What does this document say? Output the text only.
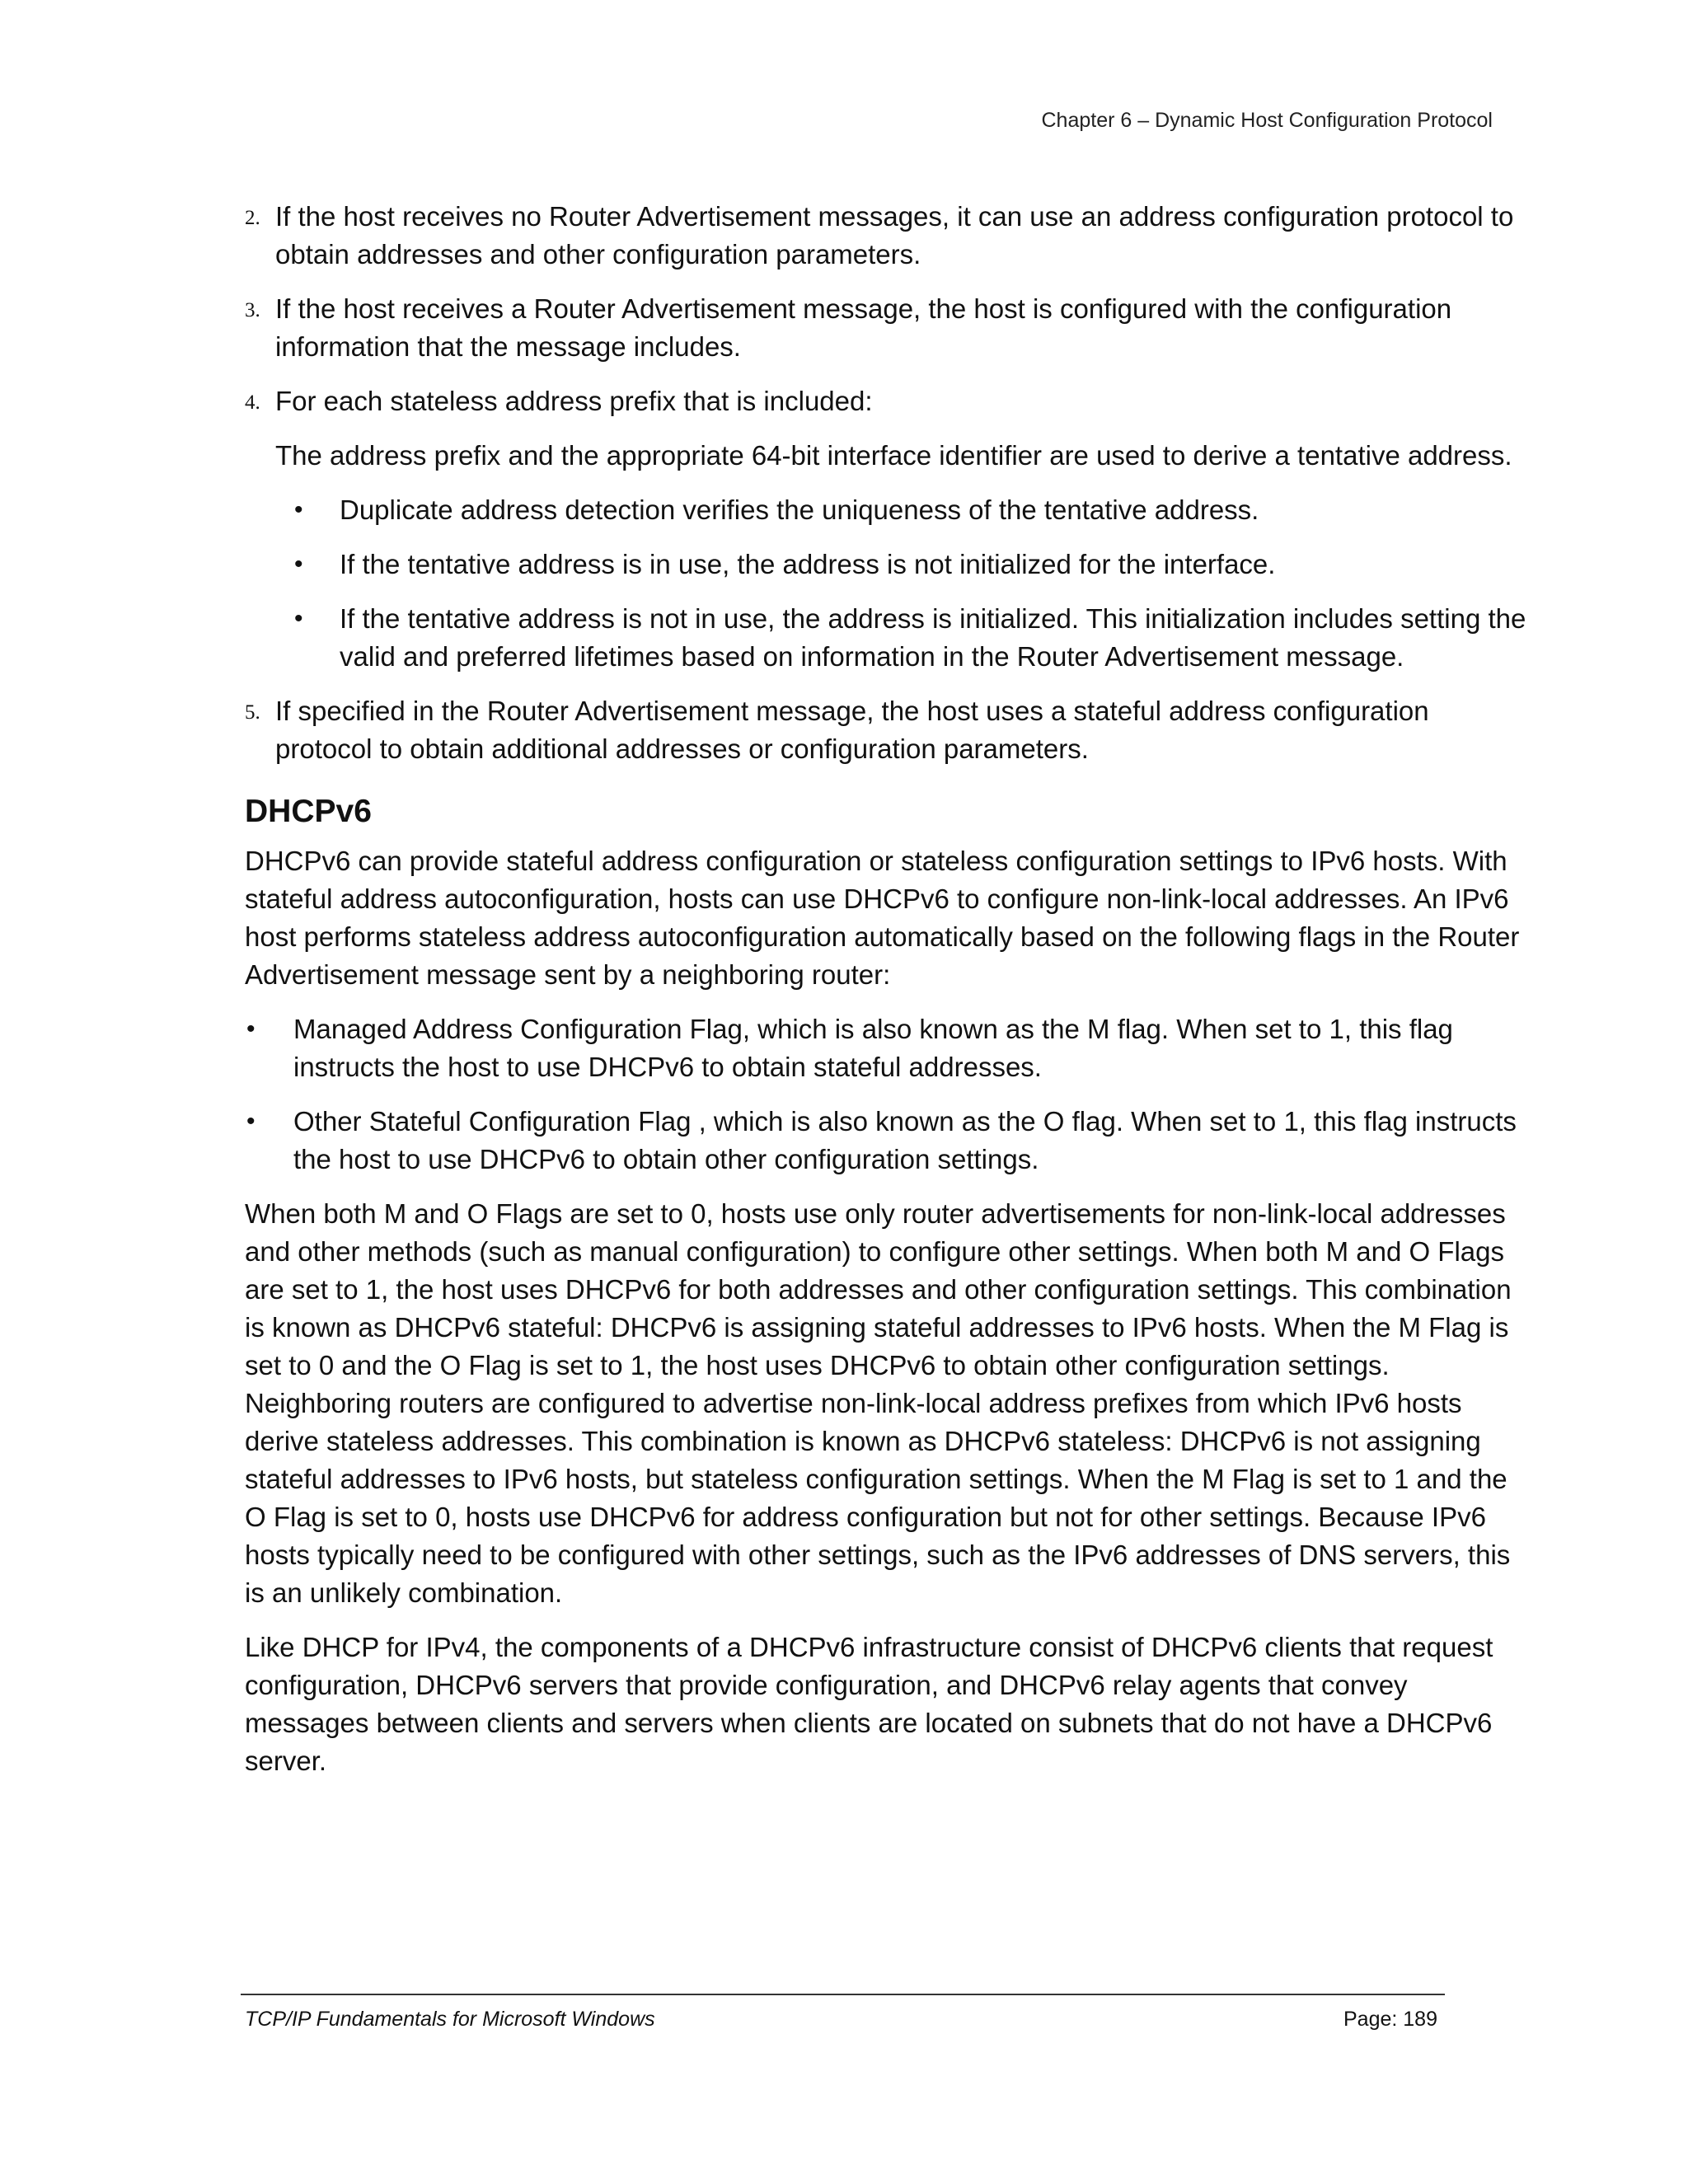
Chapter 6 – Dynamic Host Configuration Protocol
2. If the host receives no Router Advertisement messages, it can use an address configuration protocol to obtain addresses and other configuration parameters.
3. If the host receives a Router Advertisement message, the host is configured with the configuration information that the message includes.
4. For each stateless address prefix that is included:

The address prefix and the appropriate 64-bit interface identifier are used to derive a tentative address.

• Duplicate address detection verifies the uniqueness of the tentative address.
• If the tentative address is in use, the address is not initialized for the interface.
• If the tentative address is not in use, the address is initialized. This initialization includes setting the valid and preferred lifetimes based on information in the Router Advertisement message.
5. If specified in the Router Advertisement message, the host uses a stateful address configuration protocol to obtain additional addresses or configuration parameters.
DHCPv6

DHCPv6 can provide stateful address configuration or stateless configuration settings to IPv6 hosts. With stateful address autoconfiguration, hosts can use DHCPv6 to configure non-link-local addresses. An IPv6 host performs stateless address autoconfiguration automatically based on the following flags in the Router Advertisement message sent by a neighboring router:

• Managed Address Configuration Flag, which is also known as the M flag. When set to 1, this flag instructs the host to use DHCPv6 to obtain stateful addresses.
• Other Stateful Configuration Flag , which is also known as the O flag. When set to 1, this flag instructs the host to use DHCPv6 to obtain other configuration settings.

When both M and O Flags are set to 0, hosts use only router advertisements for non-link-local addresses and other methods (such as manual configuration) to configure other settings. When both M and O Flags are set to 1, the host uses DHCPv6 for both addresses and other configuration settings. This combination is known as DHCPv6 stateful: DHCPv6 is assigning stateful addresses to IPv6 hosts. When the M Flag is set to 0 and the O Flag is set to 1, the host uses DHCPv6 to obtain other configuration settings. Neighboring routers are configured to advertise non-link-local address prefixes from which IPv6 hosts derive stateless addresses. This combination is known as DHCPv6 stateless: DHCPv6 is not assigning stateful addresses to IPv6 hosts, but stateless configuration settings. When the M Flag is set to 1 and the O Flag is set to 0, hosts use DHCPv6 for address configuration but not for other settings. Because IPv6 hosts typically need to be configured with other settings, such as the IPv6 addresses of DNS servers, this is an unlikely combination.

Like DHCP for IPv4, the components of a DHCPv6 infrastructure consist of DHCPv6 clients that request configuration, DHCPv6 servers that provide configuration, and DHCPv6 relay agents that convey messages between clients and servers when clients are located on subnets that do not have a DHCPv6 server.

TCP/IP Fundamentals for Microsoft Windows	Page: 189
